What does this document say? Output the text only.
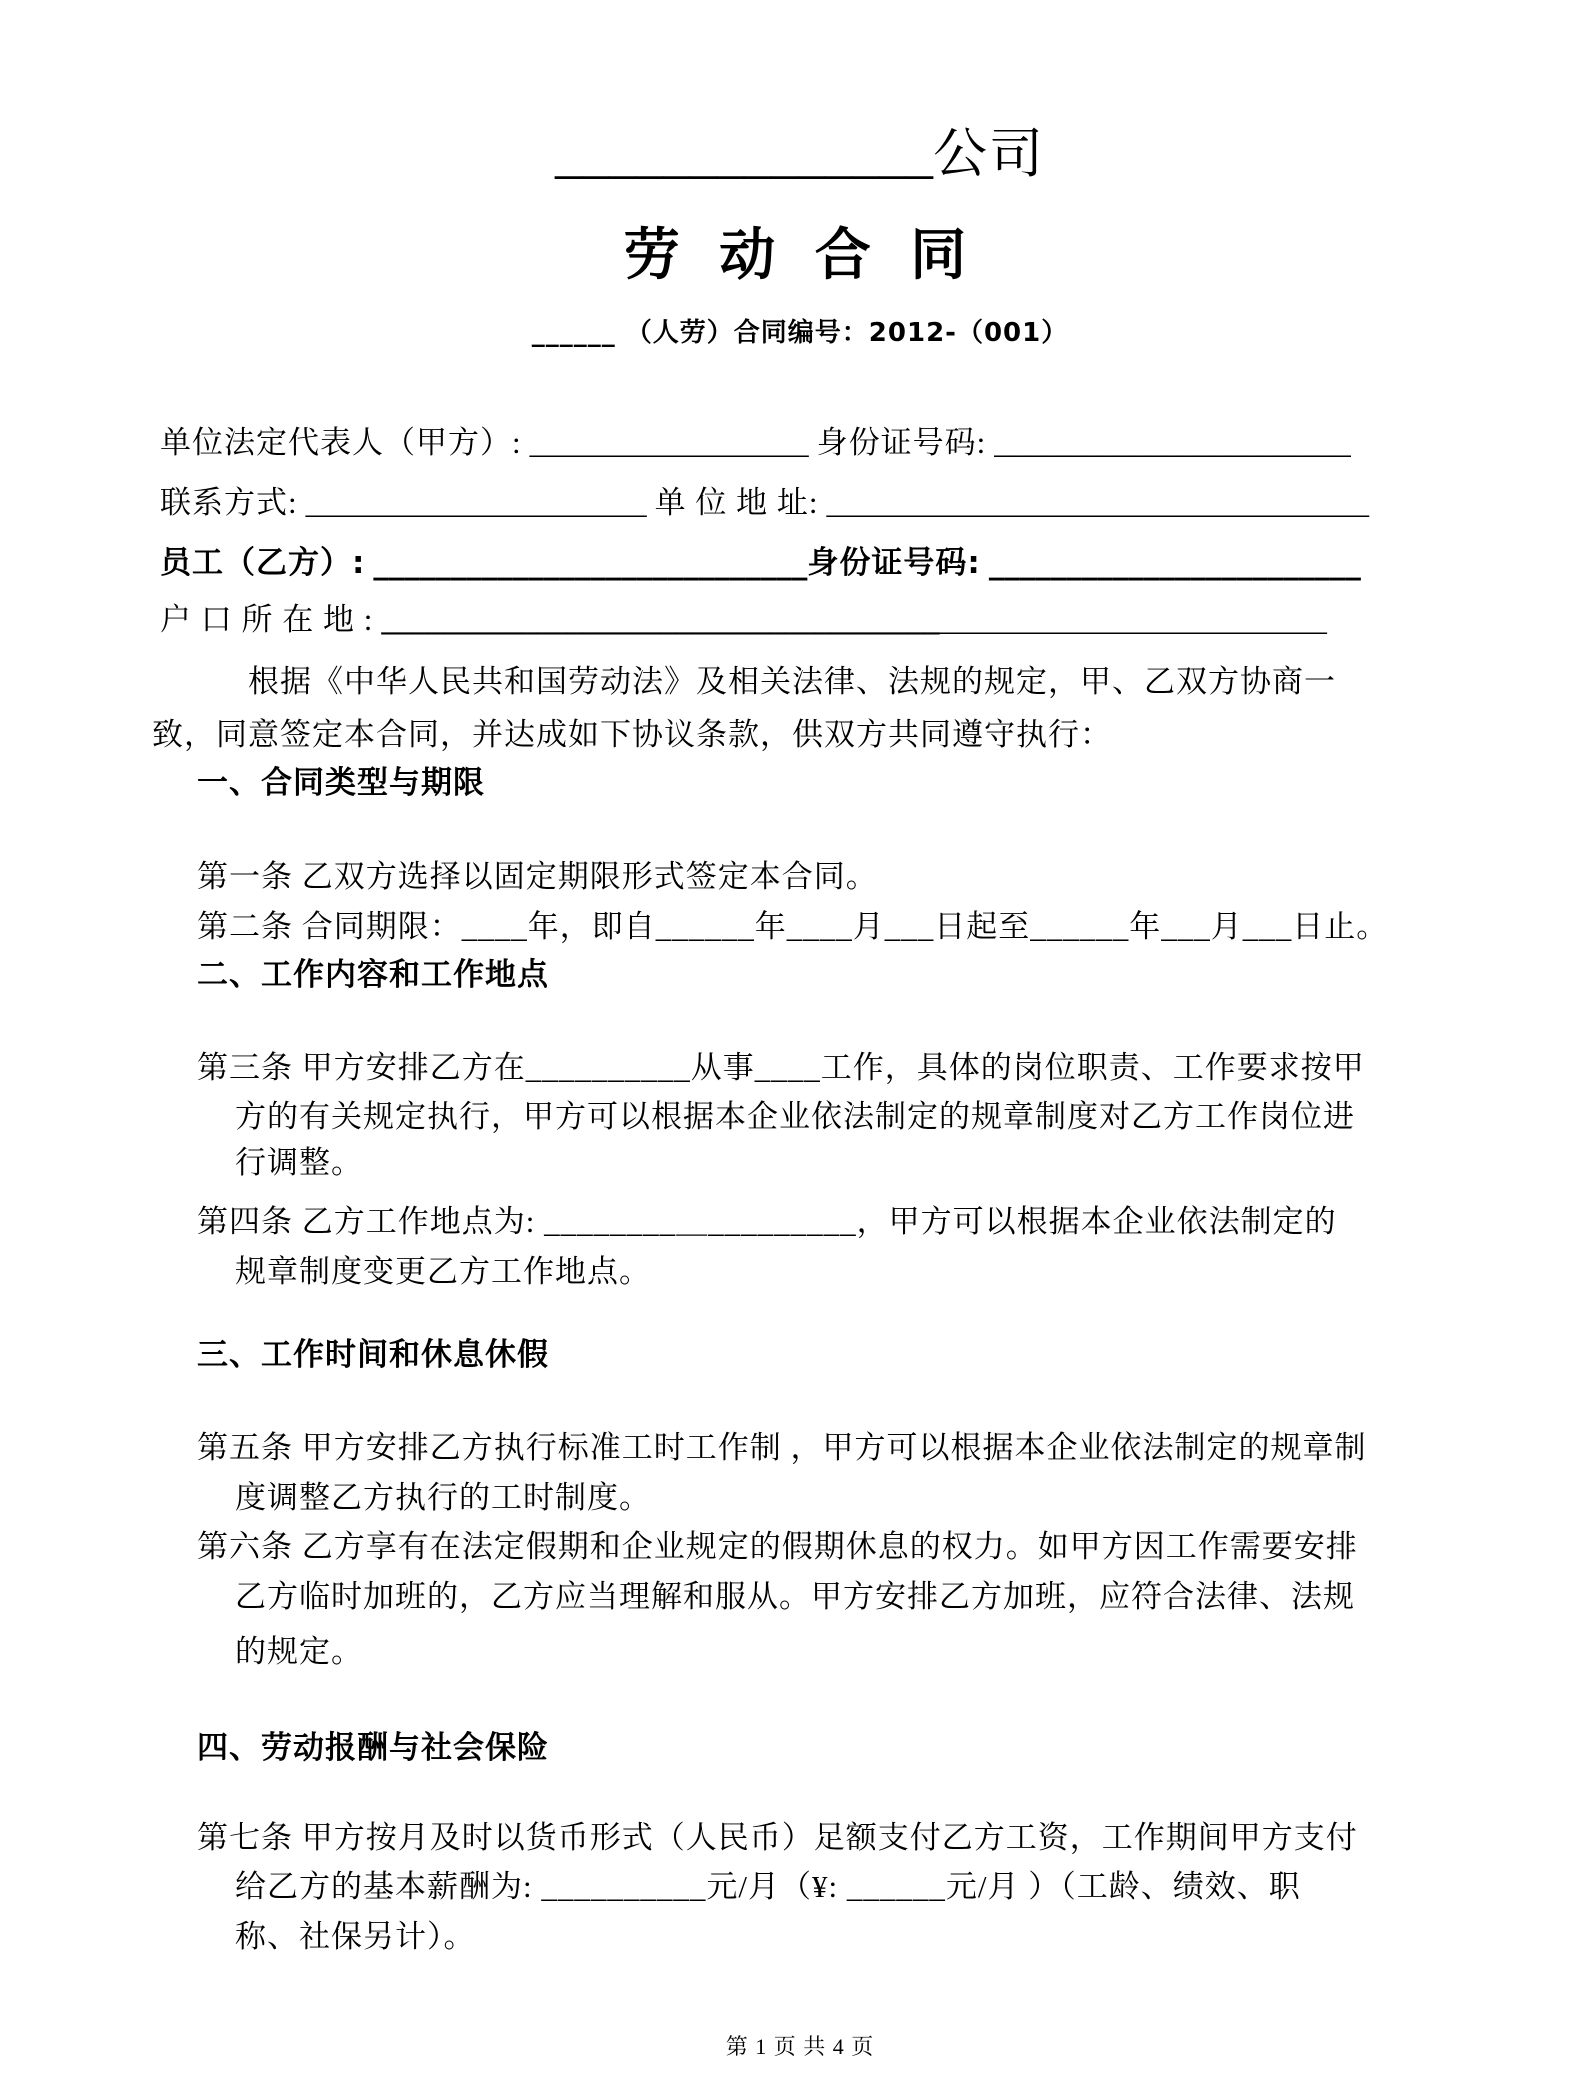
______________公司
劳 动 合 同
______ （人劳）合同编号：2012-（001）
单位法定代表人（甲方）: __________________ 身份证号码: _______________________
联系方式: ______________________ 单 位 地 址: ___________________________________
员工（乙方）: ____________________________身份证号码: ________________________
户 口 所 在 地 : _____________________________________________________________
根据《中华人民共和国劳动法》及相关法律、法规的规定，甲、乙双方协商一
致，同意签定本合同，并达成如下协议条款，供双方共同遵守执行：
一、合同类型与期限
第一条 乙双方选择以固定期限形式签定本合同。
第二条 合同期限：____年，即自______年____月___日起至______年___月___日止。
二、工作内容和工作地点
第三条 甲方安排乙方在__________从事____工作，具体的岗位职责、工作要求按甲
方的有关规定执行，甲方可以根据本企业依法制定的规章制度对乙方工作岗位进
行调整。
第四条 乙方工作地点为: ________＿_________，甲方可以根据本企业依法制定的
规章制度变更乙方工作地点。
三、工作时间和休息休假
第五条 甲方安排乙方执行标准工时工作制 ，甲方可以根据本企业依法制定的规章制
度调整乙方执行的工时制度。
第六条 乙方享有在法定假期和企业规定的假期休息的权力。如甲方因工作需要安排
乙方临时加班的，乙方应当理解和服从。甲方安排乙方加班，应符合法律、法规
的规定。
四、劳动报酬与社会保险
第七条 甲方按月及时以货币形式（人民币）足额支付乙方工资，工作期间甲方支付
给乙方的基本薪酬为: __________元/月（¥: ______元/月 ）（工龄、绩效、职
称、社保另计）。
第 1 页 共 4 页
